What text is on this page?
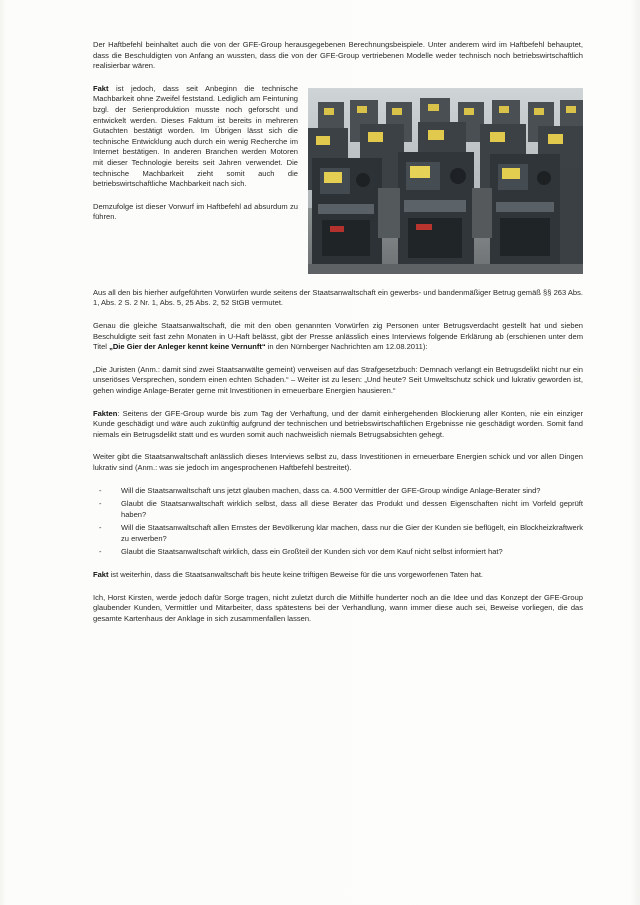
Der Haftbefehl beinhaltet auch die von der GFE-Group herausgegebenen Berechnungsbeispiele. Unter anderem wird im Haftbefehl behauptet, dass die Beschuldigten von Anfang an wussten, dass die von der GFE-Group vertriebenen Modelle weder technisch noch betriebswirtschaftlich realisierbar wären.

Fakt ist jedoch, dass seit Anbeginn die technische Machbarkeit ohne Zweifel feststand. Lediglich am Feintuning bzgl. der Serienproduktion musste noch geforscht und entwickelt werden. Dieses Faktum ist bereits in mehreren Gutachten bestätigt worden. Im Übrigen lässt sich die technische Entwicklung auch durch ein wenig Recherche im Internet bestätigen. In anderen Branchen werden Motoren mit dieser Technologie bereits seit Jahren verwendet. Die technische Machbarkeit zieht somit auch die betriebswirtschaftliche Machbarkeit nach sich.

Demzufolge ist dieser Vorwurf im Haftbefehl ad absurdum zu führen.

Aus all den bis hierher aufgeführten Vorwürfen wurde seitens der Staatsanwaltschaft ein gewerbs- und bandenmäßiger Betrug gemäß §§ 263 Abs. 1, Abs. 2 S. 2 Nr. 1, Abs. 5, 25 Abs. 2, 52 StGB vermutet.

Genau die gleiche Staatsanwaltschaft, die mit den oben genannten Vorwürfen zig Personen unter Betrugsverdacht gestellt hat und sieben Beschuldigte seit fast zehn Monaten in U-Haft belässt, gibt der Presse anlässlich eines Interviews folgende Erklärung ab (erschienen unter dem Titel „Die Gier der Anleger kennt keine Vernunft“ in den Nürnberger Nachrichten am 12.08.2011):

„Die Juristen (Anm.: damit sind zwei Staatsanwälte gemeint) verweisen auf das Strafgesetzbuch: Demnach verlangt ein Betrugsdelikt nicht nur ein unseriöses Versprechen, sondern einen echten Schaden.“ – Weiter ist zu lesen: „Und heute? Seit Umweltschutz schick und lukrativ geworden ist, gehen windige Anlage-Berater gerne mit Investitionen in erneuerbare Energien hausieren.“

Fakten: Seitens der GFE-Group wurde bis zum Tag der Verhaftung, und der damit einhergehenden Blockierung aller Konten, nie ein einziger Kunde geschädigt und wäre auch zukünftig aufgrund der technischen und betriebswirtschaftlichen Ergebnisse nie geschädigt worden. Somit fand niemals ein Betrugsdelikt statt und es wurden somit auch nachweislich niemals Betrugsabsichten gehegt.

Weiter gibt die Staatsanwaltschaft anlässlich dieses Interviews selbst zu, dass Investitionen in erneuerbare Energien schick und vor allen Dingen lukrativ sind (Anm.: was sie jedoch im angesprochenen Haftbefehl bestreitet).

-	Will die Staatsanwaltschaft uns jetzt glauben machen, dass ca. 4.500 Vermittler der GFE-Group windige Anlage-Berater sind?
-	Glaubt die Staatsanwaltschaft wirklich selbst, dass all diese Berater das Produkt und dessen Eigenschaften nicht im Vorfeld geprüft haben?
-	Will die Staatsanwaltschaft allen Ernstes der Bevölkerung klar machen, dass nur die Gier der Kunden sie beflügelt, ein Blockheizkraftwerk zu erwerben?
-	Glaubt die Staatsanwaltschaft wirklich, dass ein Großteil der Kunden sich vor dem Kauf nicht selbst informiert hat?

Fakt ist weiterhin, dass die Staatsanwaltschaft bis heute keine triftigen Beweise für die uns vorgeworfenen Taten hat.

Ich, Horst Kirsten, werde jedoch dafür Sorge tragen, nicht zuletzt durch die Mithilfe hunderter noch an die Idee und das Konzept der GFE-Group glaubender Kunden, Vermittler und Mitarbeiter, dass spätestens bei der Verhandlung, wann immer diese auch sei, Beweise vorliegen, die das gesamte Kartenhaus der Anklage in sich zusammenfallen lassen.
